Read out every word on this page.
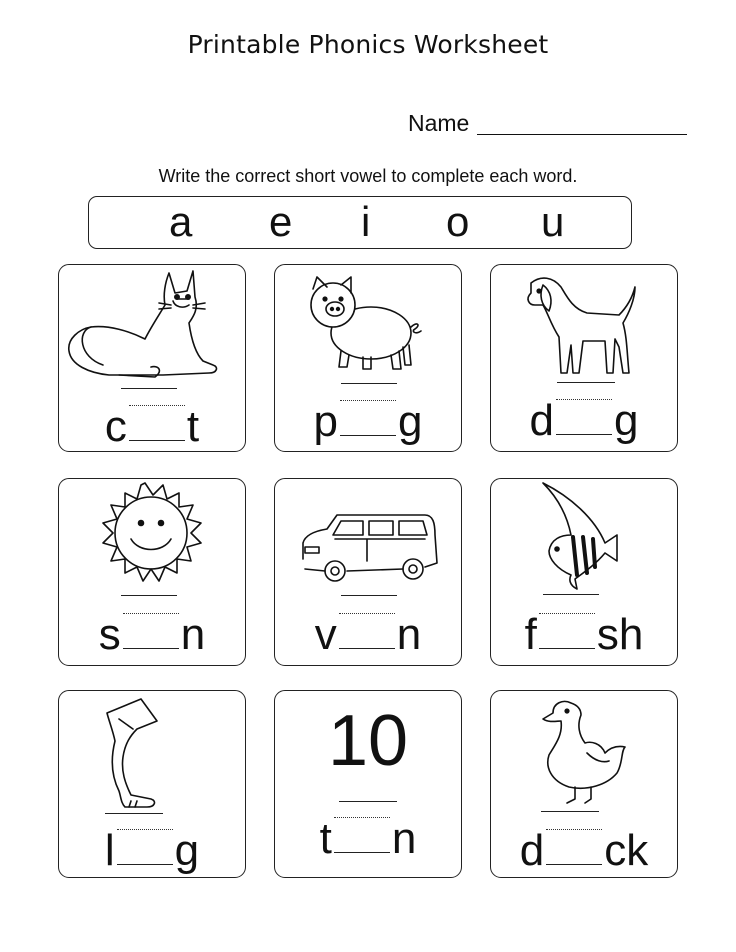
Printable Phonics Worksheet
Name
Write the correct short vowel to complete each word.
a e i o u
c t	p g	d g
s n	v n	f sh
l g
10
t n	d ck
